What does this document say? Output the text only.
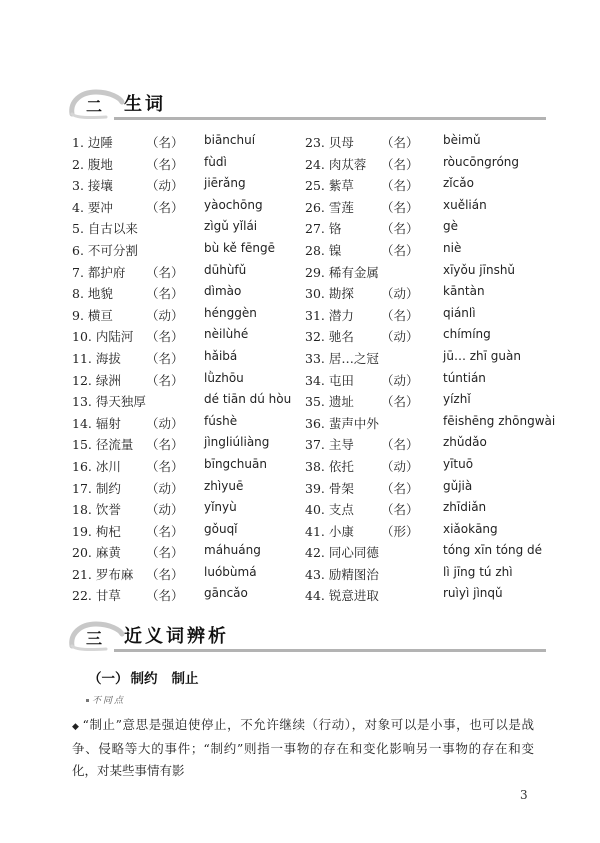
二 生词
1. 边陲	（名） biānchuí	23. 贝母 （名） bèimǔ
2. 腹地	（名） fùdì	24. 肉苁蓉 （名） ròucōngróng
3. 接壤	（动） jiērǎng	25. 紫草 （名） zǐcǎo
4. 要冲	（名） yàochōng	26. 雪莲 （名） xuělián
5. 自古以来	zìgǔ yǐlái	27. 铬	（名） gè
6. 不可分割	bù kě fēngē 28. 镍	（名） niè
7. 都护府 （名） dūhùfǔ	29. 稀有金属	xīyǒu jīnshǔ
8. 地貌	（名） dìmào	30. 勘探 （动） kāntàn
9. 横亘	（动） hénggèn	31. 潜力 （名） qiánlì
10. 内陆河 （名） nèilùhé	32. 驰名 （动） chímíng
11. 海拔 （名） hǎibá	33. 居…之冠	jū… zhī guàn
12. 绿洲 （名） lǜzhōu	34. 屯田 （动） túntián
13. 得天独厚	dé tiān dú hòu 35. 遗址 （名） yízhǐ
14. 辐射 （动） fúshè	36. 蜚声中外	fēishēng zhōngwài
15. 径流量 （名） jìngliúliàng	37. 主导 （名） zhǔdǎo
16. 冰川 （名） bīngchuān	38. 依托 （动） yītuō
17. 制约 （动） zhìyuē	39. 骨架 （名） gǔjià
18. 饮誉 （动） yǐnyù	40. 支点 （名） zhīdiǎn
19. 枸杞 （名） gǒuqǐ	41. 小康 （形） xiǎokāng
20. 麻黄 （名） máhuáng	42. 同心同德	tóng xīn tóng dé
21. 罗布麻 （名） luóbùmá	43. 励精图治	lì jīng tú zhì
22. 甘草 （名） gāncǎo	44. 锐意进取	ruìyì jìnqǔ
三 近义词辨析
（一） 制约 制止
不同点
◆ “制止”意思是强迫使停止，不允许继续（行动），对象可以是小事，也可以是战争、侵略等大的事件；“制约”则指一事物的存在和变化影响另一事物的存在和变化，对某些事情有影
3
